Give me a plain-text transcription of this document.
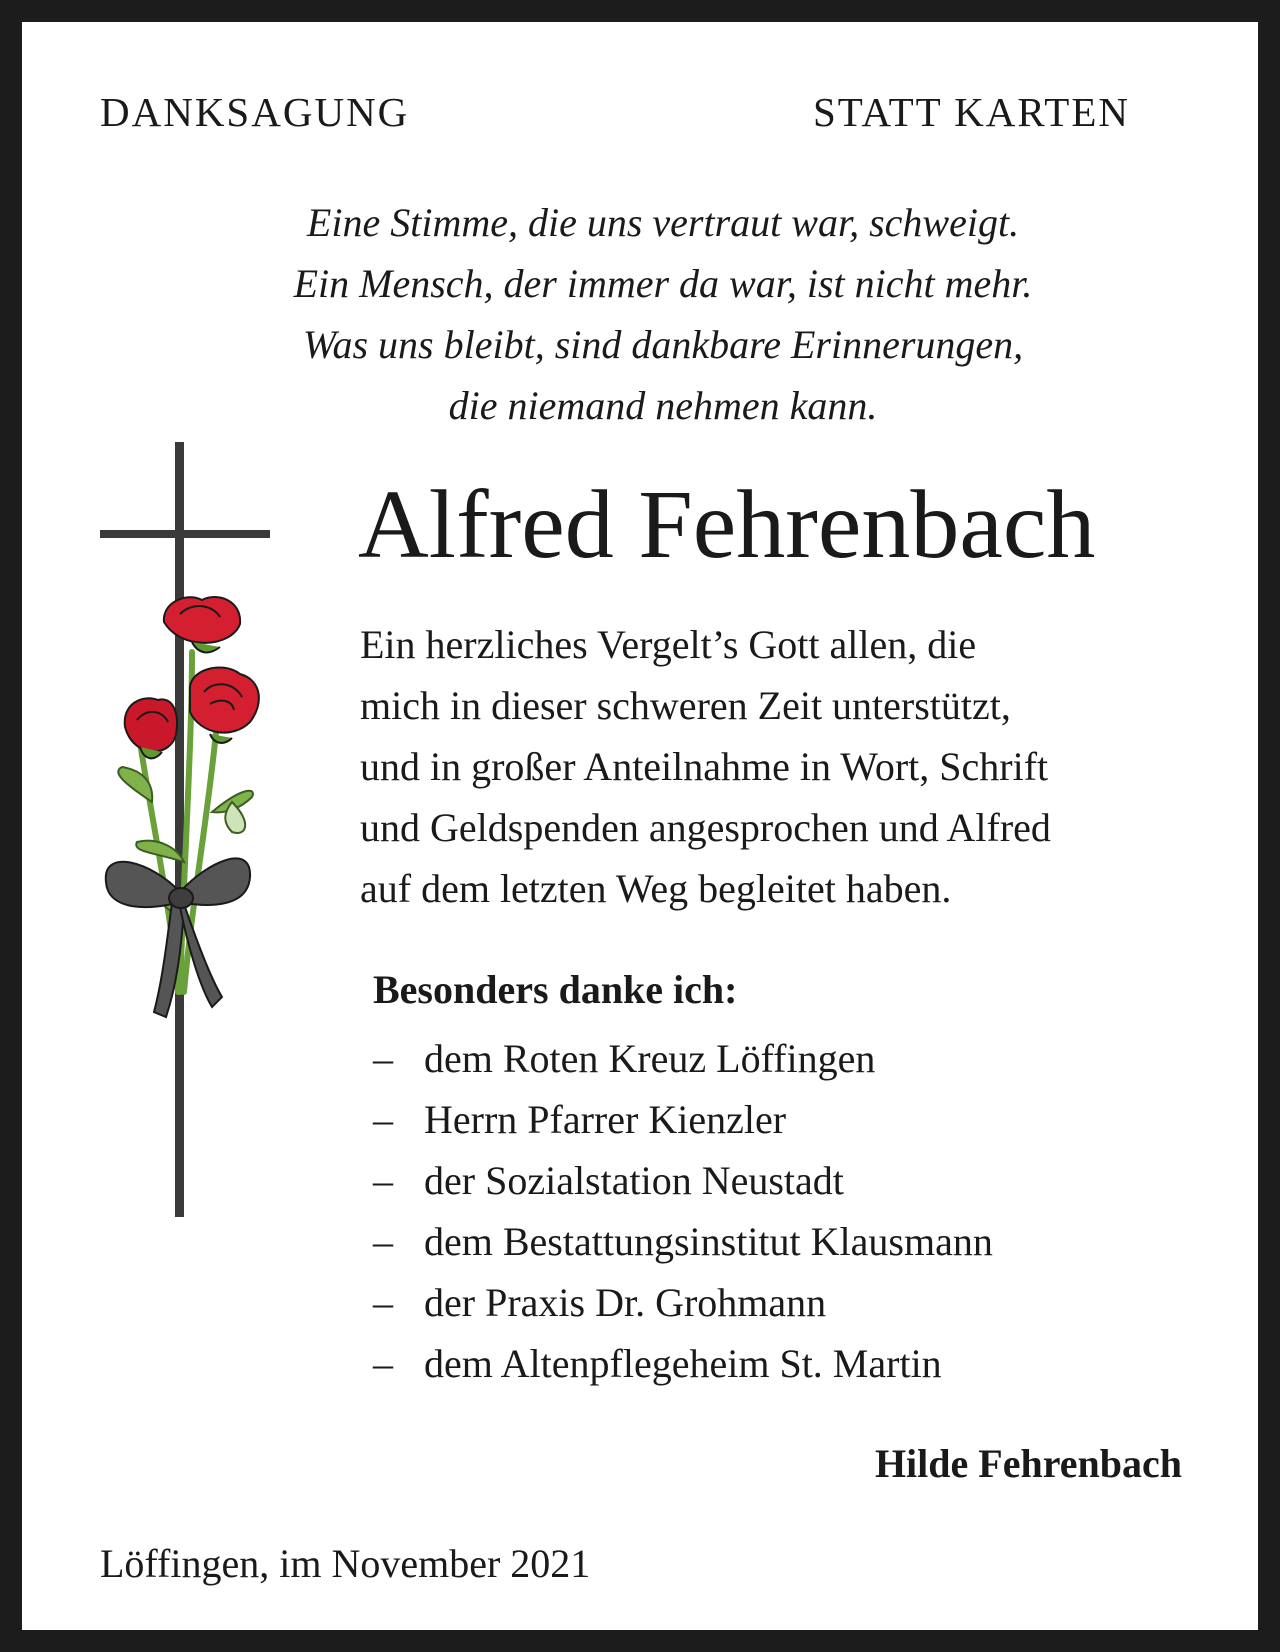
DANKSAGUNG	STATT KARTEN
Eine Stimme, die uns vertraut war, schweigt.
Ein Mensch, der immer da war, ist nicht mehr.
Was uns bleibt, sind dankbare Erinnerungen,
die niemand nehmen kann.
Alfred Fehrenbach
Ein herzliches Vergelt’s Gott allen, die
mich in dieser schweren Zeit unterstützt,
und in großer Anteilnahme in Wort, Schrift
und Geldspenden angesprochen und Alfred
auf dem letzten Weg begleitet haben.
Besonders danke ich:
– dem Roten Kreuz Löffingen
– Herrn Pfarrer Kienzler
– der Sozialstation Neustadt
– dem Bestattungsinstitut Klausmann
– der Praxis Dr. Grohmann
– dem Altenpflegeheim St. Martin
Hilde Fehrenbach
Löffingen, im November 2021
